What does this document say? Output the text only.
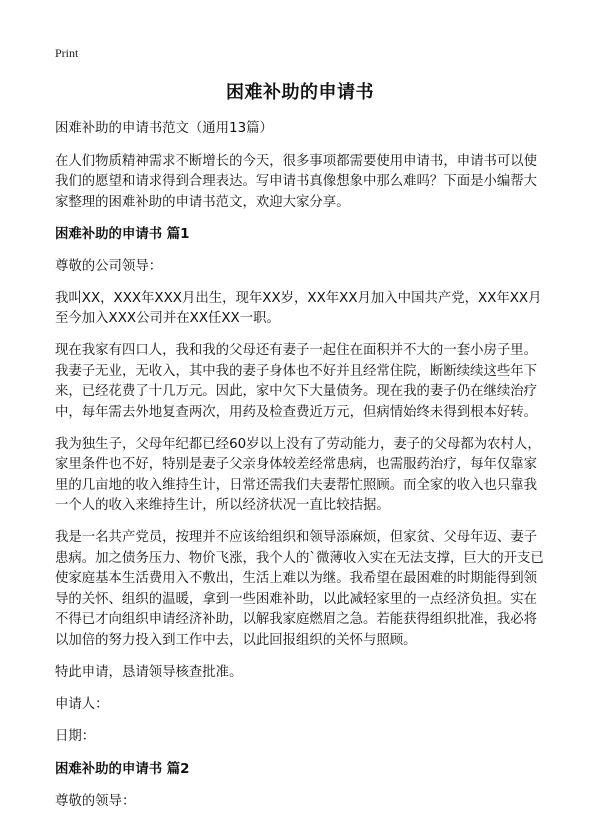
Print
困难补助的申请书

困难补助的申请书范文（通用13篇）

在人们物质精神需求不断增长的今天，很多事项都需要使用申请书，申请书可以使我们的愿望和请求得到合理表达。写申请书真像想象中那么难吗？下面是小编帮大家整理的困难补助的申请书范文，欢迎大家分享。

困难补助的申请书 篇1

尊敬的公司领导：

我叫XX，XXX年XXX月出生，现年XX岁，XX年XX月加入中国共产党，XX年XX月至今加入XXX公司并在XX任XX一职。

现在我家有四口人，我和我的父母还有妻子一起住在面积并不大的一套小房子里。我妻子无业，无收入，其中我的妻子身体也不好并且经常住院，断断续续这些年下来，已经花费了十几万元。因此，家中欠下大量债务。现在我的妻子仍在继续治疗中，每年需去外地复查两次，用药及检查费近万元，但病情始终未得到根本好转。

我为独生子，父母年纪都已经60岁以上没有了劳动能力，妻子的父母都为农村人，家里条件也不好，特别是妻子父亲身体较差经常患病，也需服药治疗，每年仅靠家里的几亩地的收入维持生计，日常还需我们夫妻帮忙照顾。而全家的收入也只靠我一个人的收入来维持生计，所以经济状况一直比较拮据。

我是一名共产党员，按理并不应该给组织和领导添麻烦，但家贫、父母年迈、妻子患病。加之债务压力、物价飞涨，我个人的`微薄收入实在无法支撑，巨大的开支已使家庭基本生活费用入不敷出，生活上难以为继。我希望在最困难的时期能得到领导的关怀、组织的温暖，拿到一些困难补助，以此减轻家里的一点经济负担。实在不得已才向组织申请经济补助，以解我家庭燃眉之急。若能获得组织批准，我必将以加倍的努力投入到工作中去，以此回报组织的关怀与照顾。

特此申请，恳请领导核查批准。

申请人：

日期：

困难补助的申请书 篇2

尊敬的领导：
